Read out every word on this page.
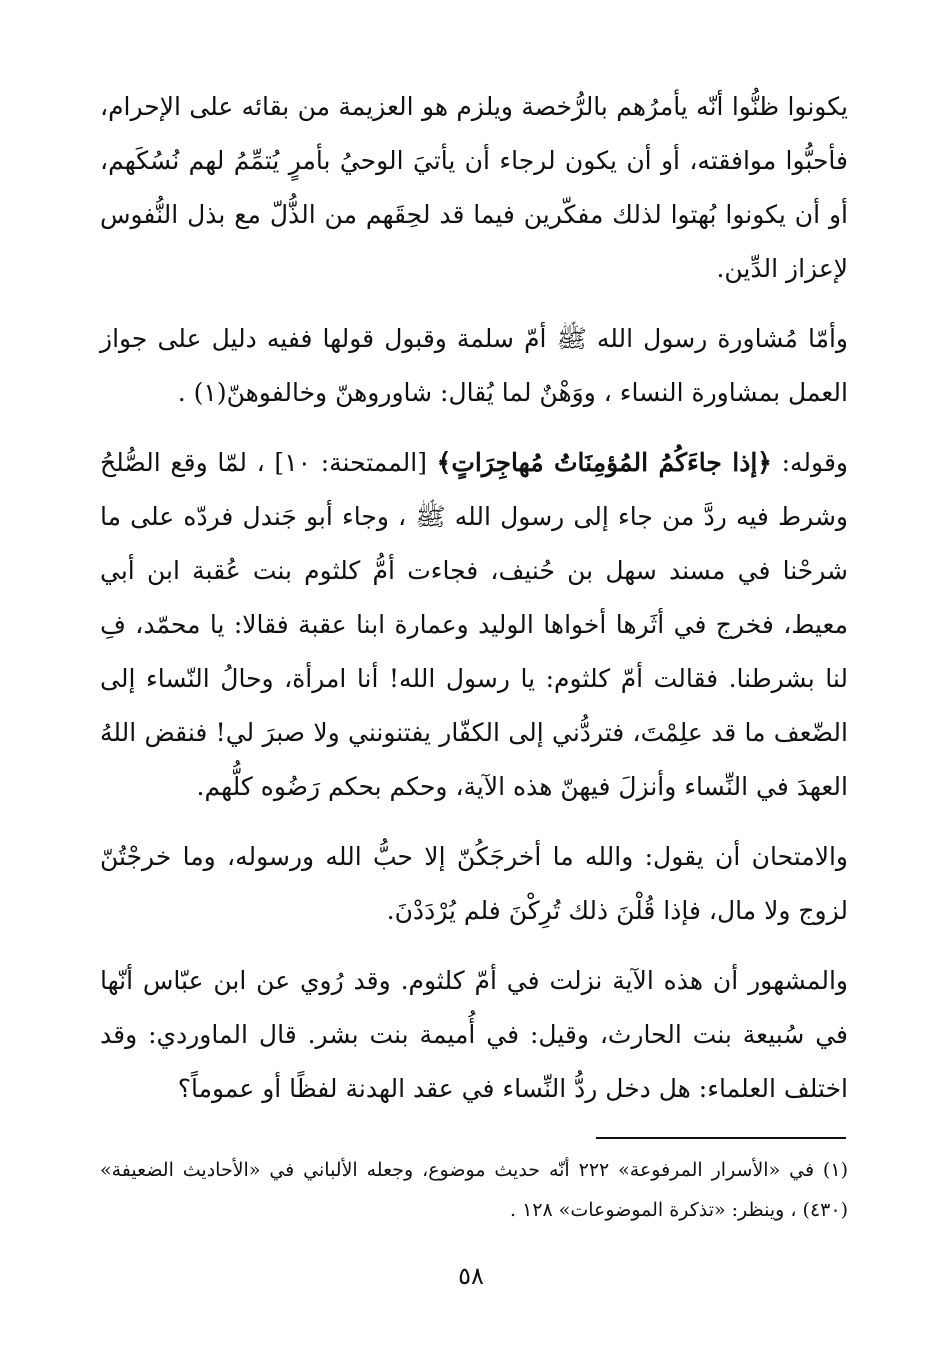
يكونوا ظنُّوا أنّه يأمرُهم بالرُّخصة ويلزم هو العزيمة من بقائه على الإحرام، فأحبُّوا موافقته، أو أن يكون لرجاء أن يأتيَ الوحيُ بأمرٍ يُتمِّمُ لهم نُسُكَهم، أو أن يكونوا بُهتوا لذلك مفكّرين فيما قد لحِقَهم من الذُّلّ مع بذل النُّفوس لإعزاز الدِّين.

وأمّا مُشاورة رسول الله ﷺ أمّ سلمة وقبول قولها ففيه دليل على جواز العمل بمشاورة النساء ، ووَهْنٌ لما يُقال: شاوروهنّ وخالفوهنّ(١) .

وقوله: ﴿إذا جاءَكُمُ المُؤمِنَاتُ مُهاجِرَاتٍ﴾ [الممتحنة: ١٠] ، لمّا وقع الصُّلحُ وشرط فيه ردَّ من جاء إلى رسول الله ﷺ ، وجاء أبو جَندل فردّه على ما شرحْنا في مسند سهل بن حُنيف، فجاءت أمُّ كلثوم بنت عُقبة ابن أبي معيط، فخرج في أثَرها أخواها الوليد وعمارة ابنا عقبة فقالا: يا محمّد، فِ لنا بشرطنا. فقالت أمّ كلثوم: يا رسول الله! أنا امرأة، وحالُ النّساء إلى الضّعف ما قد علِمْتَ، فتردُّني إلى الكفّار يفتنونني ولا صبرَ لي! فنقض اللهُ العهدَ في النِّساء وأنزلَ فيهنّ هذه الآية، وحكم بحكم رَضُوه كلُّهم.

والامتحان أن يقول: والله ما أخرجَكُنّ إلا حبُّ الله ورسوله، وما خرجْتُنّ لزوج ولا مال، فإذا قُلْنَ ذلك تُرِكْنَ فلم يُرْدَدْنَ.

والمشهور أن هذه الآية نزلت في أمّ كلثوم. وقد رُوي عن ابن عبّاس أنّها في سُبيعة بنت الحارث، وقيل: في أُميمة بنت بشر. قال الماوردي: وقد اختلف العلماء: هل دخل ردُّ النِّساء في عقد الهدنة لفظًا أو عموماً؟

(١) في «الأسرار المرفوعة» ٢٢٢ أنّه حديث موضوع، وجعله الألباني في «الأحاديث الضعيفة» (٤٣٠) ، وينظر: «تذكرة الموضوعات» ١٢٨ .

٥٨
